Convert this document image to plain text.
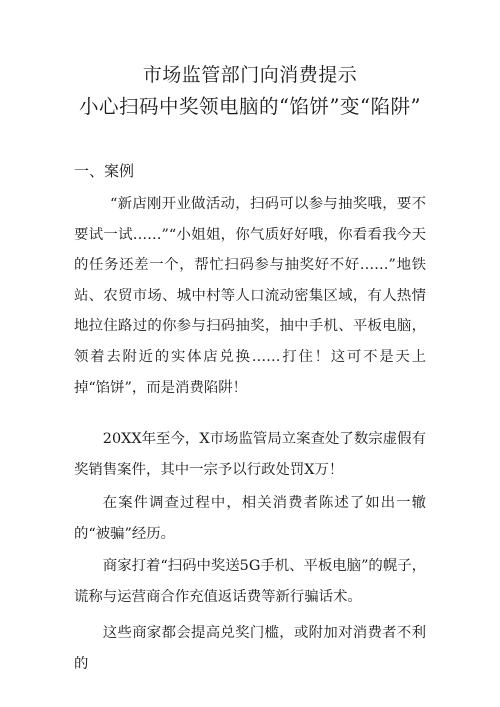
市场监管部门向消费提示
小心扫码中奖领电脑的“馅饼”变“陷阱”
一、案例
“新店刚开业做活动，扫码可以参与抽奖哦，要不要试一试……”“小姐姐，你气质好好哦，你看看我今天的任务还差一个，帮忙扫码参与抽奖好不好……”地铁站、农贸市场、城中村等人口流动密集区域，有人热情地拉住路过的你参与扫码抽奖，抽中手机、平板电脑，领着去附近的实体店兑换……打住！这可不是天上掉“馅饼”，而是消费陷阱！
20XX年至今，X市场监管局立案查处了数宗虚假有奖销售案件，其中一宗予以行政处罚X万！
在案件调查过程中，相关消费者陈述了如出一辙的“被骗”经历。
商家打着“扫码中奖送5G手机、平板电脑”的幌子，谎称与运营商合作充值返话费等新行骗话术。
这些商家都会提高兑奖门槛，或附加对消费者不利的
